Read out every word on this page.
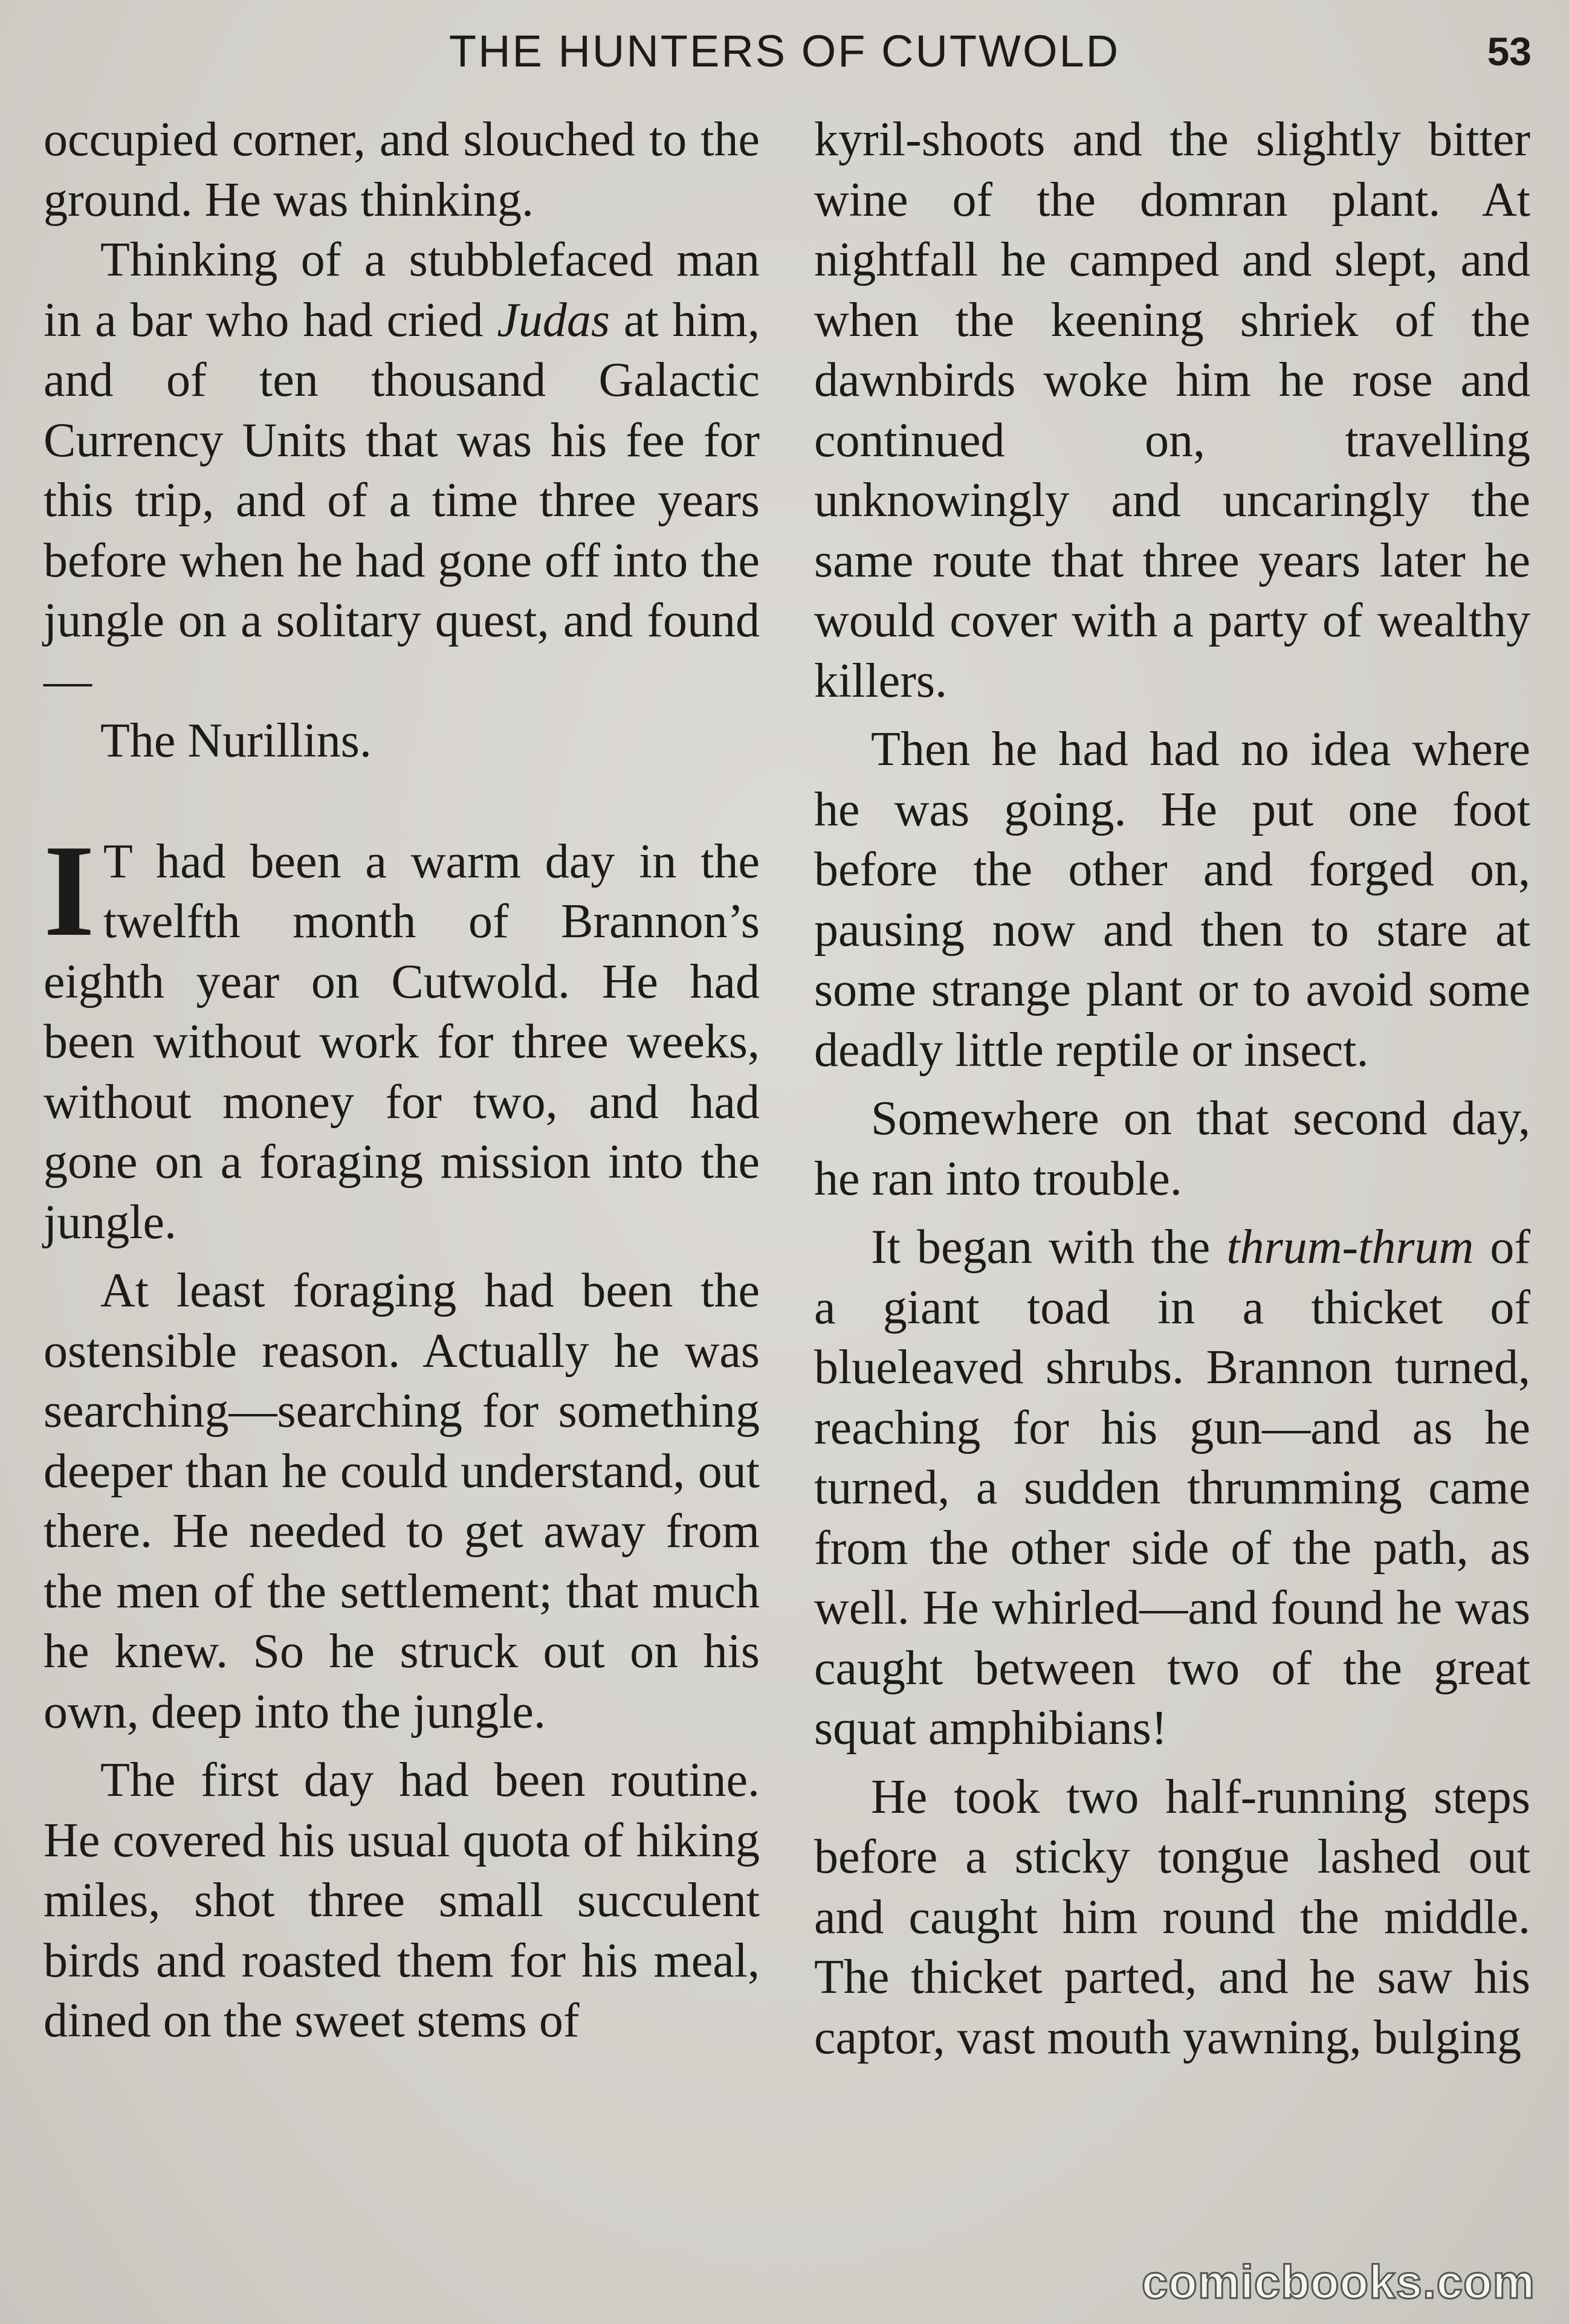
THE HUNTERS OF CUTWOLD	53

occupied corner, and slouched to the ground. He was thinking.

Thinking of a stubblefaced man in a bar who had cried Judas at him, and of ten thousand Galactic Currency Units that was his fee for this trip, and of a time three years before when he had gone off into the jungle on a solitary quest, and found—

The Nurillins.

I T had been a warm day in the twelfth month of Brannon’s eighth year on Cutwold. He had been without work for three weeks, without money for two, and had gone on a foraging mission into the jungle.

At least foraging had been the ostensible reason. Actually he was searching—searching for something deeper than he could understand, out there. He needed to get away from the men of the settlement; that much he knew. So he struck out on his own, deep into the jungle.

The first day had been routine. He covered his usual quota of hiking miles, shot three small succulent birds and roasted them for his meal, dined on the sweet stems of

kyril-shoots and the slightly bitter wine of the domran plant. At nightfall he camped and slept, and when the keening shriek of the dawnbirds woke him he rose and continued on, travelling unknowingly and uncaringly the same route that three years later he would cover with a party of wealthy killers.

Then he had had no idea where he was going. He put one foot before the other and forged on, pausing now and then to stare at some strange plant or to avoid some deadly little reptile or insect.

Somewhere on that second day, he ran into trouble.

It began with the thrum-thrum of a giant toad in a thicket of blueleaved shrubs. Brannon turned, reaching for his gun—and as he turned, a sudden thrumming came from the other side of the path, as well. He whirled—and found he was caught between two of the great squat amphibians!

He took two half-running steps before a sticky tongue lashed out and caught him round the middle. The thicket parted, and he saw his captor, vast mouth yawning, bulging

comicbooks.com
